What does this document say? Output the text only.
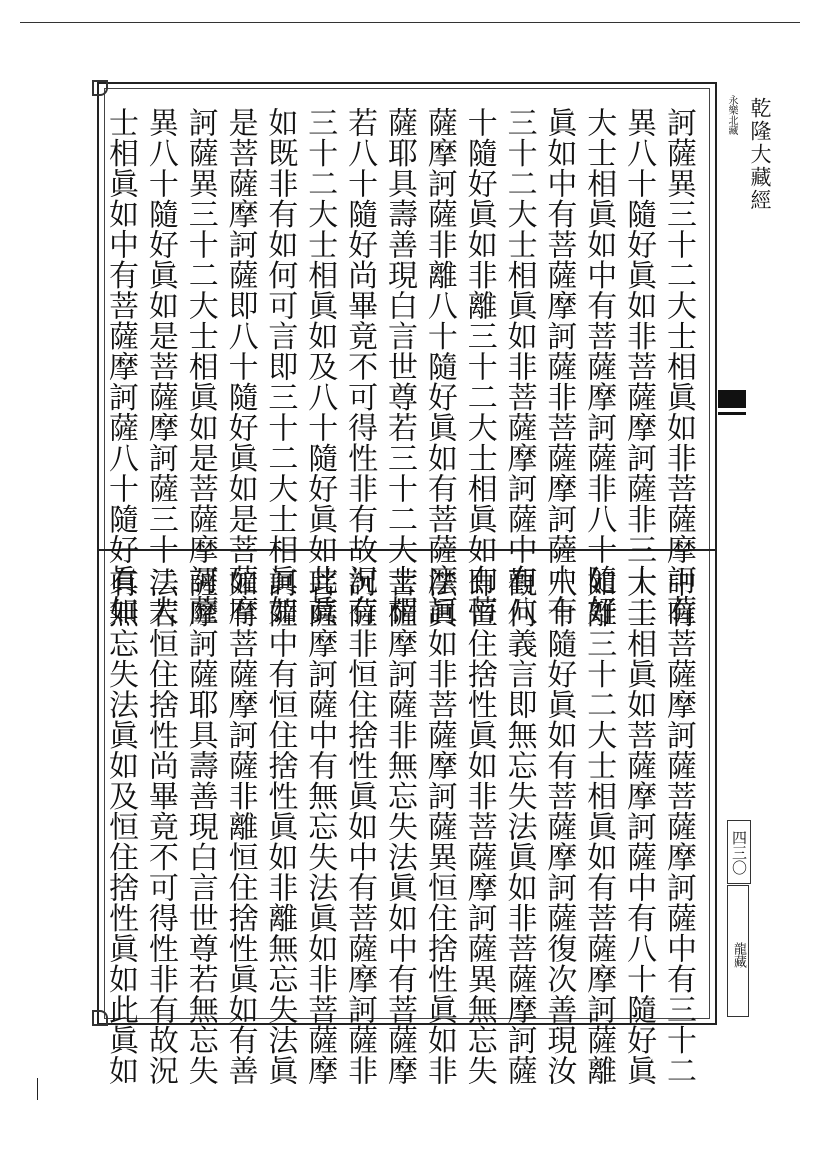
永樂北藏 乾隆大藏經
四三〇
龍藏
訶薩異三十二大士相眞如非菩薩摩訶薩
異八十隨好眞如非菩薩摩訶薩非三十二
大士相眞如中有菩薩摩訶薩非八十隨好
眞如中有菩薩摩訶薩非菩薩摩訶薩中有
三十二大士相眞如非菩薩摩訶薩中有八
十隨好眞如非離三十二大士相眞如有菩
薩摩訶薩非離八十隨好眞如有菩薩摩訶
薩耶具壽善現白言世尊若三十二大士相
若八十隨好尚畢竟不可得性非有故況有
三十二大士相眞如及八十隨好眞如此眞
如既非有如何可言即三十二大士相眞如
是菩薩摩訶薩即八十隨好眞如是菩薩摩
訶薩異三十二大士相眞如是菩薩摩訶薩
異八十隨好眞如是菩薩摩訶薩三十二大
士相眞如中有菩薩摩訶薩八十隨好眞如
中有菩薩摩訶薩菩薩摩訶薩中有三十二
大士相眞如菩薩摩訶薩中有八十隨好眞
如離三十二大士相眞如有菩薩摩訶薩離
八十隨好眞如有菩薩摩訶薩復次善現汝
觀何義言即無忘失法眞如非菩薩摩訶薩
即恒住捨性眞如非菩薩摩訶薩異無忘失
法眞如非菩薩摩訶薩異恒住捨性眞如非
菩薩摩訶薩非無忘失法眞如中有菩薩摩
訶薩非恒住捨性眞如中有菩薩摩訶薩非
菩薩摩訶薩中有無忘失法眞如非菩薩摩
訶薩中有恒住捨性眞如非離無忘失法眞
如有菩薩摩訶薩非離恒住捨性眞如有善
薩摩訶薩耶具壽善現白言世尊若無忘失
法若恒住捨性尚畢竟不可得性非有故況
有無忘失法眞如及恒住捨性眞如此眞如
